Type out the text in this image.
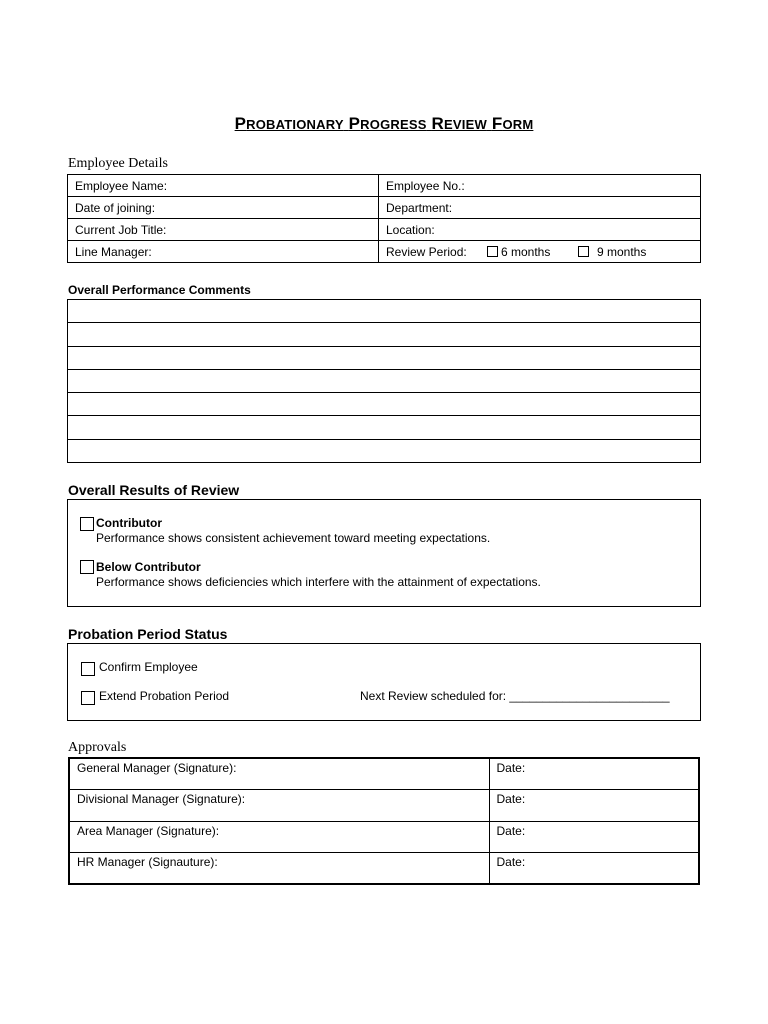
PROBATIONARY PROGRESS REVIEW FORM
Employee Details
Employee Name:	Employee No.:
Date of joining:	Department:
Current Job Title:	Location:
Line Manager:	Review Period: 6 months 9 months
Overall Performance Comments

Overall Results of Review
Contributor
Performance shows consistent achievement toward meeting expectations.
Below Contributor
Performance shows deficiencies which interfere with the attainment of expectations.
Probation Period Status
Confirm Employee
Extend Probation Period	Next Review scheduled for: ________________________
Approvals
General Manager (Signature):	Date:
Divisional Manager (Signature):	Date:
Area Manager (Signature):	Date:
HR Manager (Signauture):	Date:
